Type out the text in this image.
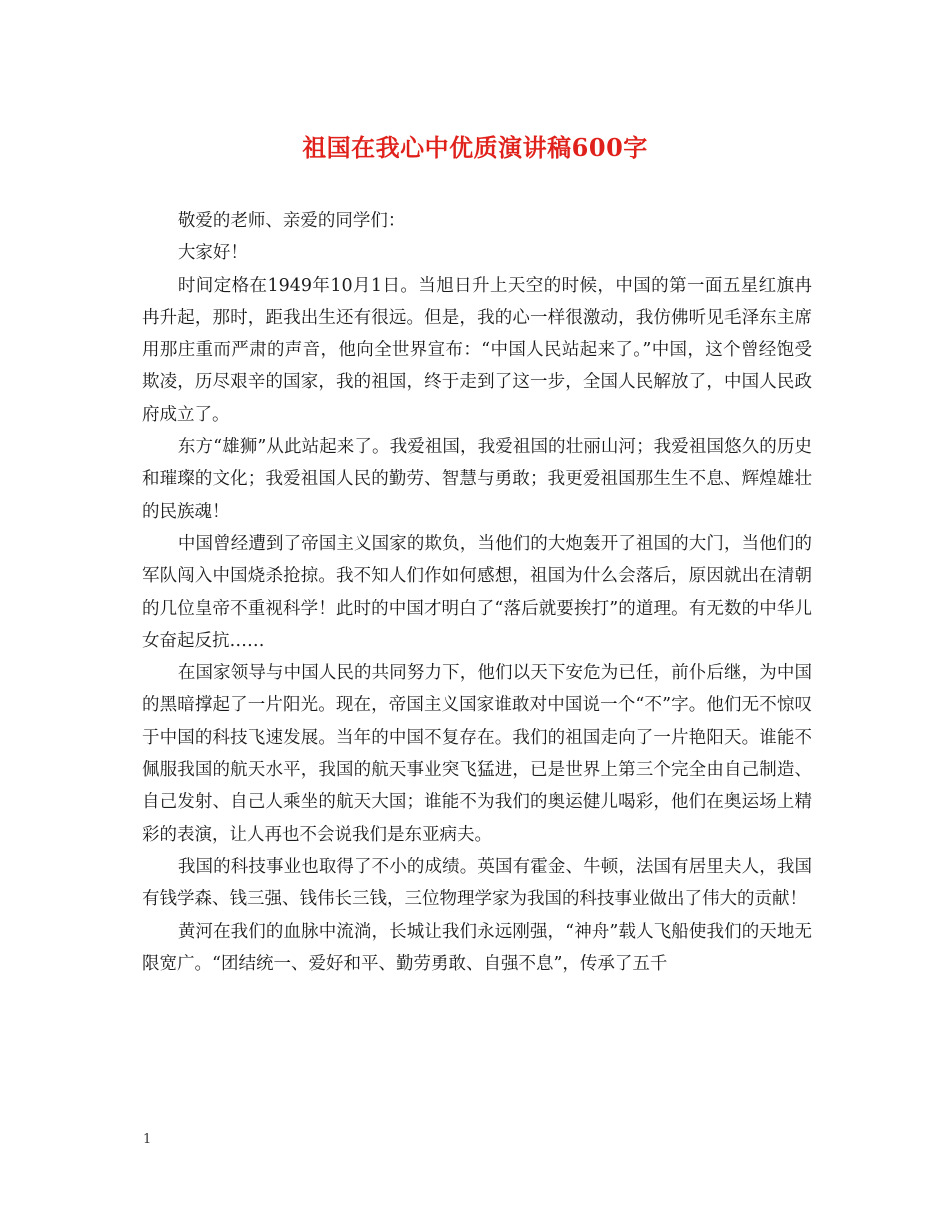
祖国在我心中优质演讲稿600字

敬爱的老师、亲爱的同学们：

大家好！

时间定格在1949年10月1日。当旭日升上天空的时候，中国的第一面五星红旗冉冉升起，那时，距我出生还有很远。但是，我的心一样很激动，我仿佛听见毛泽东主席用那庄重而严肃的声音，他向全世界宣布：“中国人民站起来了。”中国，这个曾经饱受欺凌，历尽艰辛的国家，我的祖国，终于走到了这一步，全国人民解放了，中国人民政府成立了。

东方“雄狮”从此站起来了。我爱祖国，我爱祖国的壮丽山河；我爱祖国悠久的历史和璀璨的文化；我爱祖国人民的勤劳、智慧与勇敢；我更爱祖国那生生不息、辉煌雄壮的民族魂！

中国曾经遭到了帝国主义国家的欺负，当他们的大炮轰开了祖国的大门，当他们的军队闯入中国烧杀抢掠。我不知人们作如何感想，祖国为什么会落后，原因就出在清朝的几位皇帝不重视科学！此时的中国才明白了“落后就要挨打”的道理。有无数的中华儿女奋起反抗……

在国家领导与中国人民的共同努力下，他们以天下安危为已任，前仆后继，为中国的黑暗撑起了一片阳光。现在，帝国主义国家谁敢对中国说一个“不”字。他们无不惊叹于中国的科技飞速发展。当年的中国不复存在。我们的祖国走向了一片艳阳天。谁能不佩服我国的航天水平，我国的航天事业突飞猛进，已是世界上第三个完全由自己制造、自己发射、自己人乘坐的航天大国；谁能不为我们的奥运健儿喝彩，他们在奥运场上精彩的表演，让人再也不会说我们是东亚病夫。

我国的科技事业也取得了不小的成绩。英国有霍金、牛顿，法国有居里夫人，我国有钱学森、钱三强、钱伟长三钱，三位物理学家为我国的科技事业做出了伟大的贡献！

黄河在我们的血脉中流淌，长城让我们永远刚强，“神舟”载人飞船使我们的天地无限宽广。“团结统一、爱好和平、勤劳勇敢、自强不息”，传承了五千

1
